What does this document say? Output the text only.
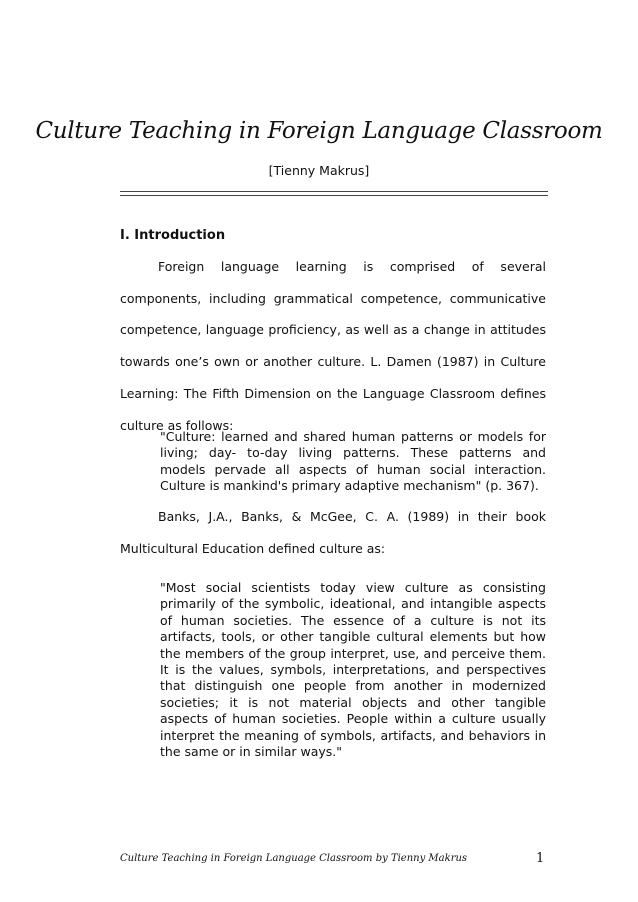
Culture Teaching in Foreign Language Classroom
[Tienny Makrus]
I. Introduction

Foreign language learning is comprised of several components, including grammatical competence, communicative competence, language proficiency, as well as a change in attitudes towards one’s own or another culture. L. Damen (1987) in Culture Learning: The Fifth Dimension on the Language Classroom defines culture as follows:

"Culture: learned and shared human patterns or models for living; day- to-day living patterns. These patterns and models pervade all aspects of human social interaction. Culture is mankind's primary adaptive mechanism" (p. 367).

Banks, J.A., Banks, & McGee, C. A. (1989) in their book Multicultural Education defined culture as:

"Most social scientists today view culture as consisting primarily of the symbolic, ideational, and intangible aspects of human societies. The essence of a culture is not its artifacts, tools, or other tangible cultural elements but how the members of the group interpret, use, and perceive them. It is the values, symbols, interpretations, and perspectives that distinguish one people from another in modernized societies; it is not material objects and other tangible aspects of human societies. People within a culture usually interpret the meaning of symbols, artifacts, and behaviors in the same or in similar ways."

Culture Teaching in Foreign Language Classroom by Tienny Makrus	1
